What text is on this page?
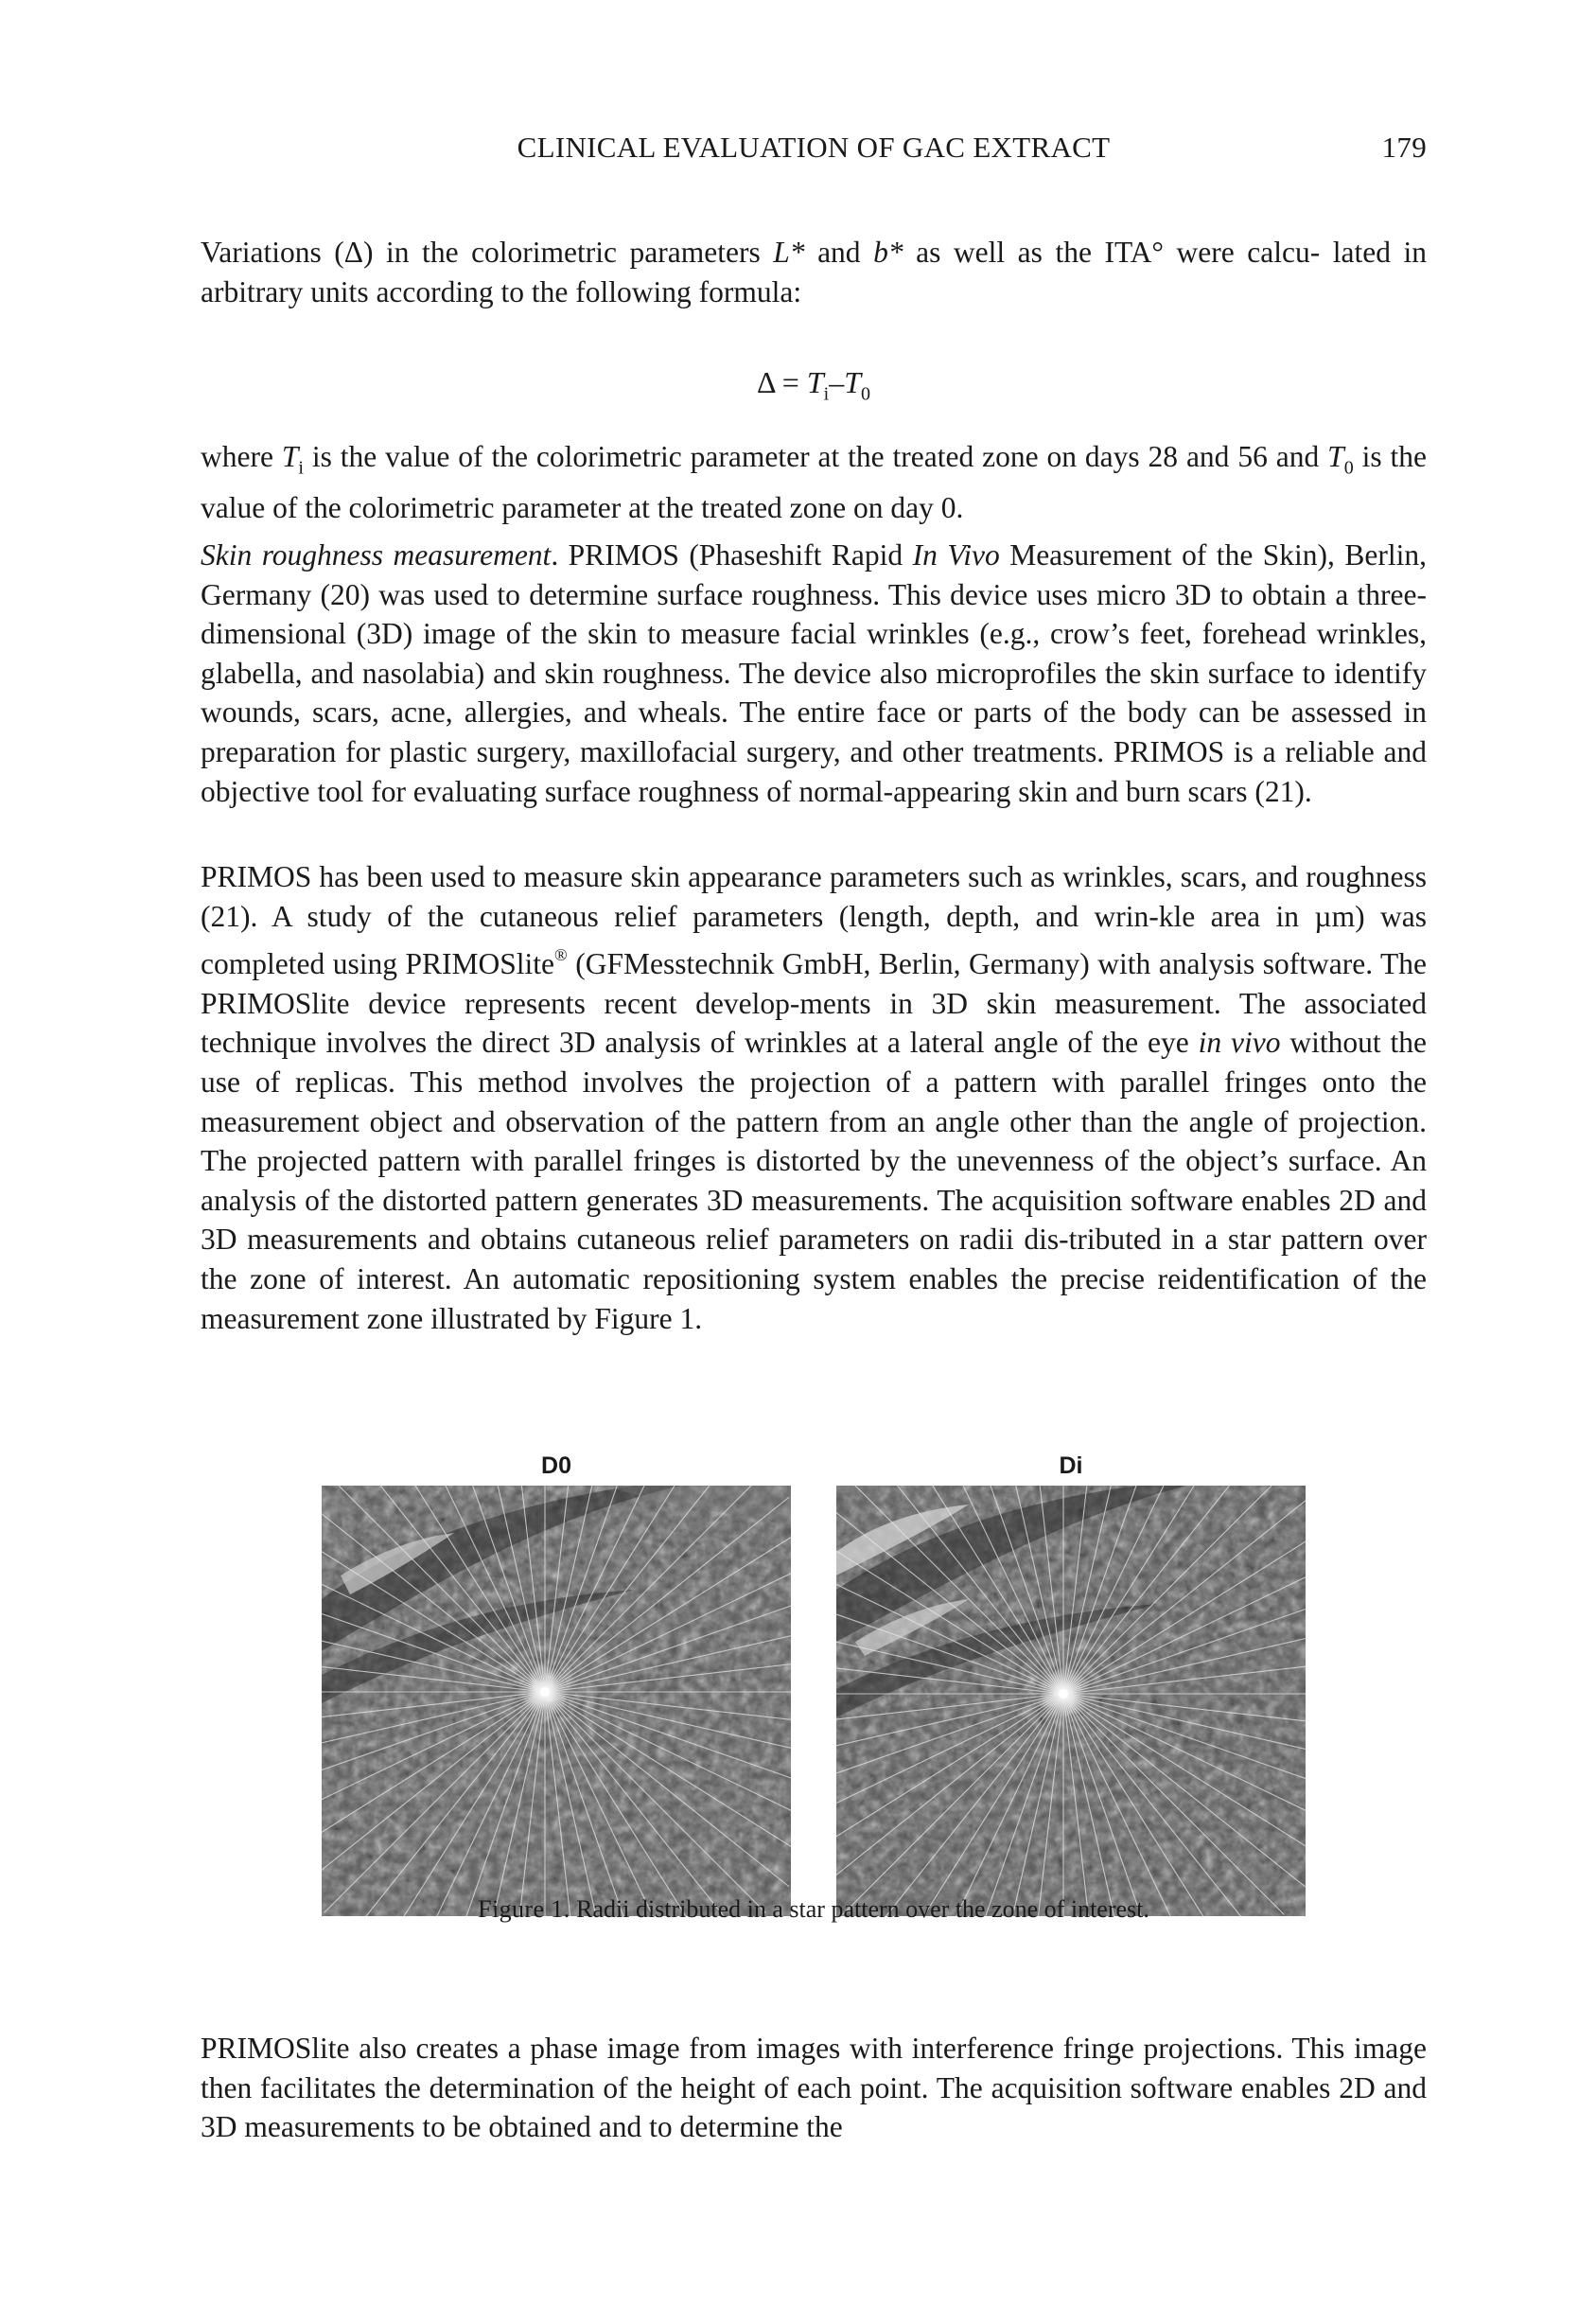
CLINICAL EVALUATION OF GAC EXTRACT	179

Variations (Δ) in the colorimetric parameters L* and b* as well as the ITA° were calcu- lated in arbitrary units according to the following formula:

$\Delta = T_i-T_0$

where $T_i$ is the value of the colorimetric parameter at the treated zone on days 28 and 56 and $T_0$ is the value of the colorimetric parameter at the treated zone on day 0.

Skin roughness measurement. PRIMOS (Phaseshift Rapid In Vivo Measurement of the Skin), Berlin, Germany (20) was used to determine surface roughness. This device uses micro 3D to obtain a three-dimensional (3D) image of the skin to measure facial wrinkles (e.g., crow’s feet, forehead wrinkles, glabella, and nasolabia) and skin roughness. The device also microprofiles the skin surface to identify wounds, scars, acne, allergies, and wheals. The entire face or parts of the body can be assessed in preparation for plastic surgery, maxillofacial surgery, and other treatments. PRIMOS is a reliable and objective tool for evaluating surface roughness of normal-appearing skin and burn scars (21).

PRIMOS has been used to measure skin appearance parameters such as wrinkles, scars, and roughness (21). A study of the cutaneous relief parameters (length, depth, and wrin-kle area in µm) was completed using PRIMOSlite® (GFMesstechnik GmbH, Berlin, Germany) with analysis software. The PRIMOSlite device represents recent develop-ments in 3D skin measurement. The associated technique involves the direct 3D analysis of wrinkles at a lateral angle of the eye in vivo without the use of replicas. This method involves the projection of a pattern with parallel fringes onto the measurement object and observation of the pattern from an angle other than the angle of projection. The projected pattern with parallel fringes is distorted by the unevenness of the object’s surface. An analysis of the distorted pattern generates 3D measurements. The acquisition software enables 2D and 3D measurements and obtains cutaneous relief parameters on radii dis-tributed in a star pattern over the zone of interest. An automatic repositioning system enables the precise reidentification of the measurement zone illustrated by Figure 1.

D0	Di
Figure 1. Radii distributed in a star pattern over the zone of interest.

PRIMOSlite also creates a phase image from images with interference fringe projections. This image then facilitates the determination of the height of each point. The acquisition software enables 2D and 3D measurements to be obtained and to determine the
